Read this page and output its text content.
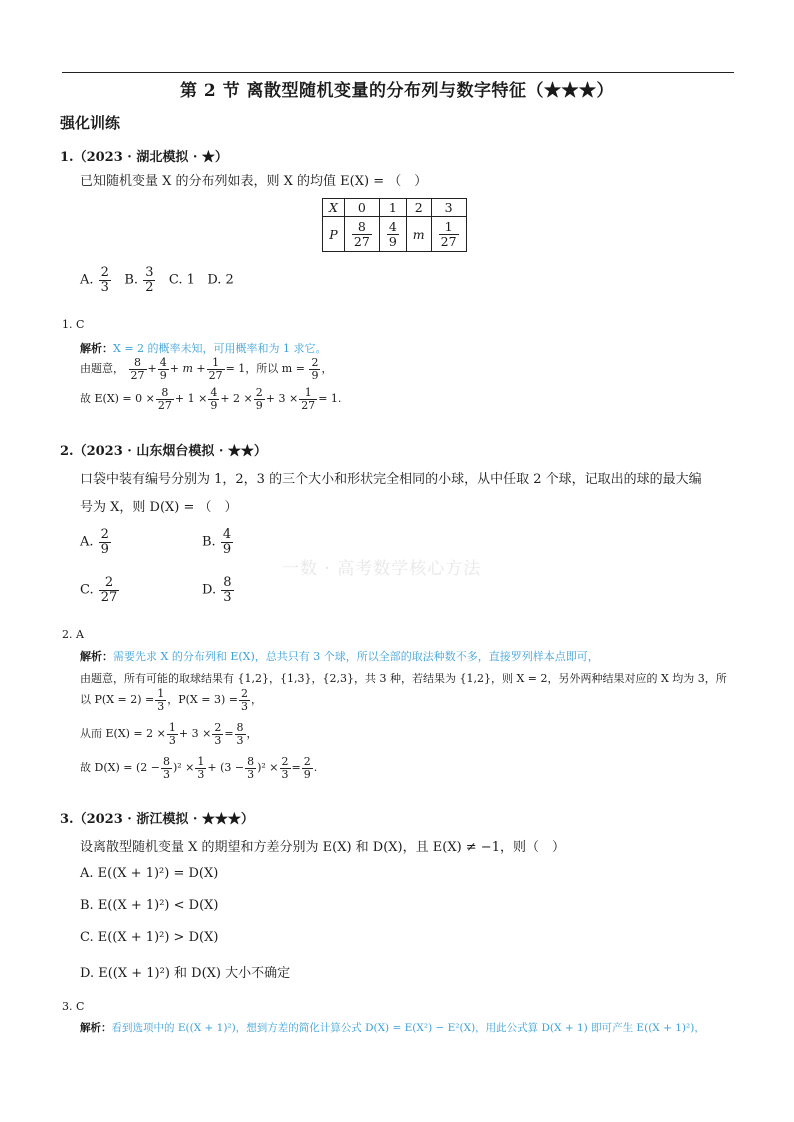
第 2 节 离散型随机变量的分布列与数字特征（★★★）
强化训练
1.（2023 · 湖北模拟 · ★）
已知随机变量 X 的分布列如表，则 X 的均值 E(X) = （　）
X	0	1	2	3
P	$\frac{8}{27}$	$\frac{4}{9}$	m	$\frac{1}{27}$
A. $\frac{2}{3} B$. $\frac{3}{2} C$. 1 D. 2
1. C
解析：X = 2 的概率未知，可用概率和为 1 求它。
由题意， $\frac{8}{27} + \frac{4}{9} + m + \frac{1}{27} = 1$，所以 $m = \frac{2}{9}$ ，
故 $E(X) = 0 \times \frac{8}{27} + 1 \times \frac{4}{9} + 2 \times \frac{2}{9} + 3 \times \frac{1}{27} = 1$.
2.（2023 · 山东烟台模拟 · ★★）
口袋中装有编号分别为 1，2，3 的三个大小和形状完全相同的小球，从中任取 2 个球，记取出的球的最大编
号为 X，则 D(X) = （　）
A. $\frac{2}{9}$	B. $\frac{4}{9}$
C. $\frac{2}{27}$	D. $\frac{8}{3}$
一数 · 高考数学核心方法
2. A
解析：需要先求 X 的分布列和 E(X)，总共只有 3 个球，所以全部的取法种数不多，直接罗列样本点即可，
由题意，所有可能的取球结果有 {1,2}，{1,3}，{2,3}，共 3 种，若结果为 {1,2}，则 X = 2，另外两种结果对应的 X 均为 3，所
以 $P(X = 2) = \frac{1}{3}$ ，$P(X = 3) = \frac{2}{3}$ ，
从而 $E(X) = 2 \times \frac{1}{3} + 3 \times \frac{2}{3} = \frac{8}{3}$ ，
故 $D(X) = (2 - \frac{8}{3} )^2 \times \frac{1}{3} + (3 - \frac{8}{3} )^2 \times \frac{2}{3} = \frac{2}{9}$ .
3.（2023 · 浙江模拟 · ★★★）
设离散型随机变量 X 的期望和方差分别为 E(X) 和 D(X)，且 E(X) ≠ −1，则（　）
A. E((X + 1)²) = D(X)
B. E((X + 1)²) < D(X)
C. E((X + 1)²) > D(X)
D. E((X + 1)²) 和 D(X) 大小不确定
3. C
解析：看到选项中的 E((X + 1)²)，想到方差的简化计算公式 D(X) = E(X²) − E²(X)，用此公式算 D(X + 1) 即可产生 E((X + 1)²)，
